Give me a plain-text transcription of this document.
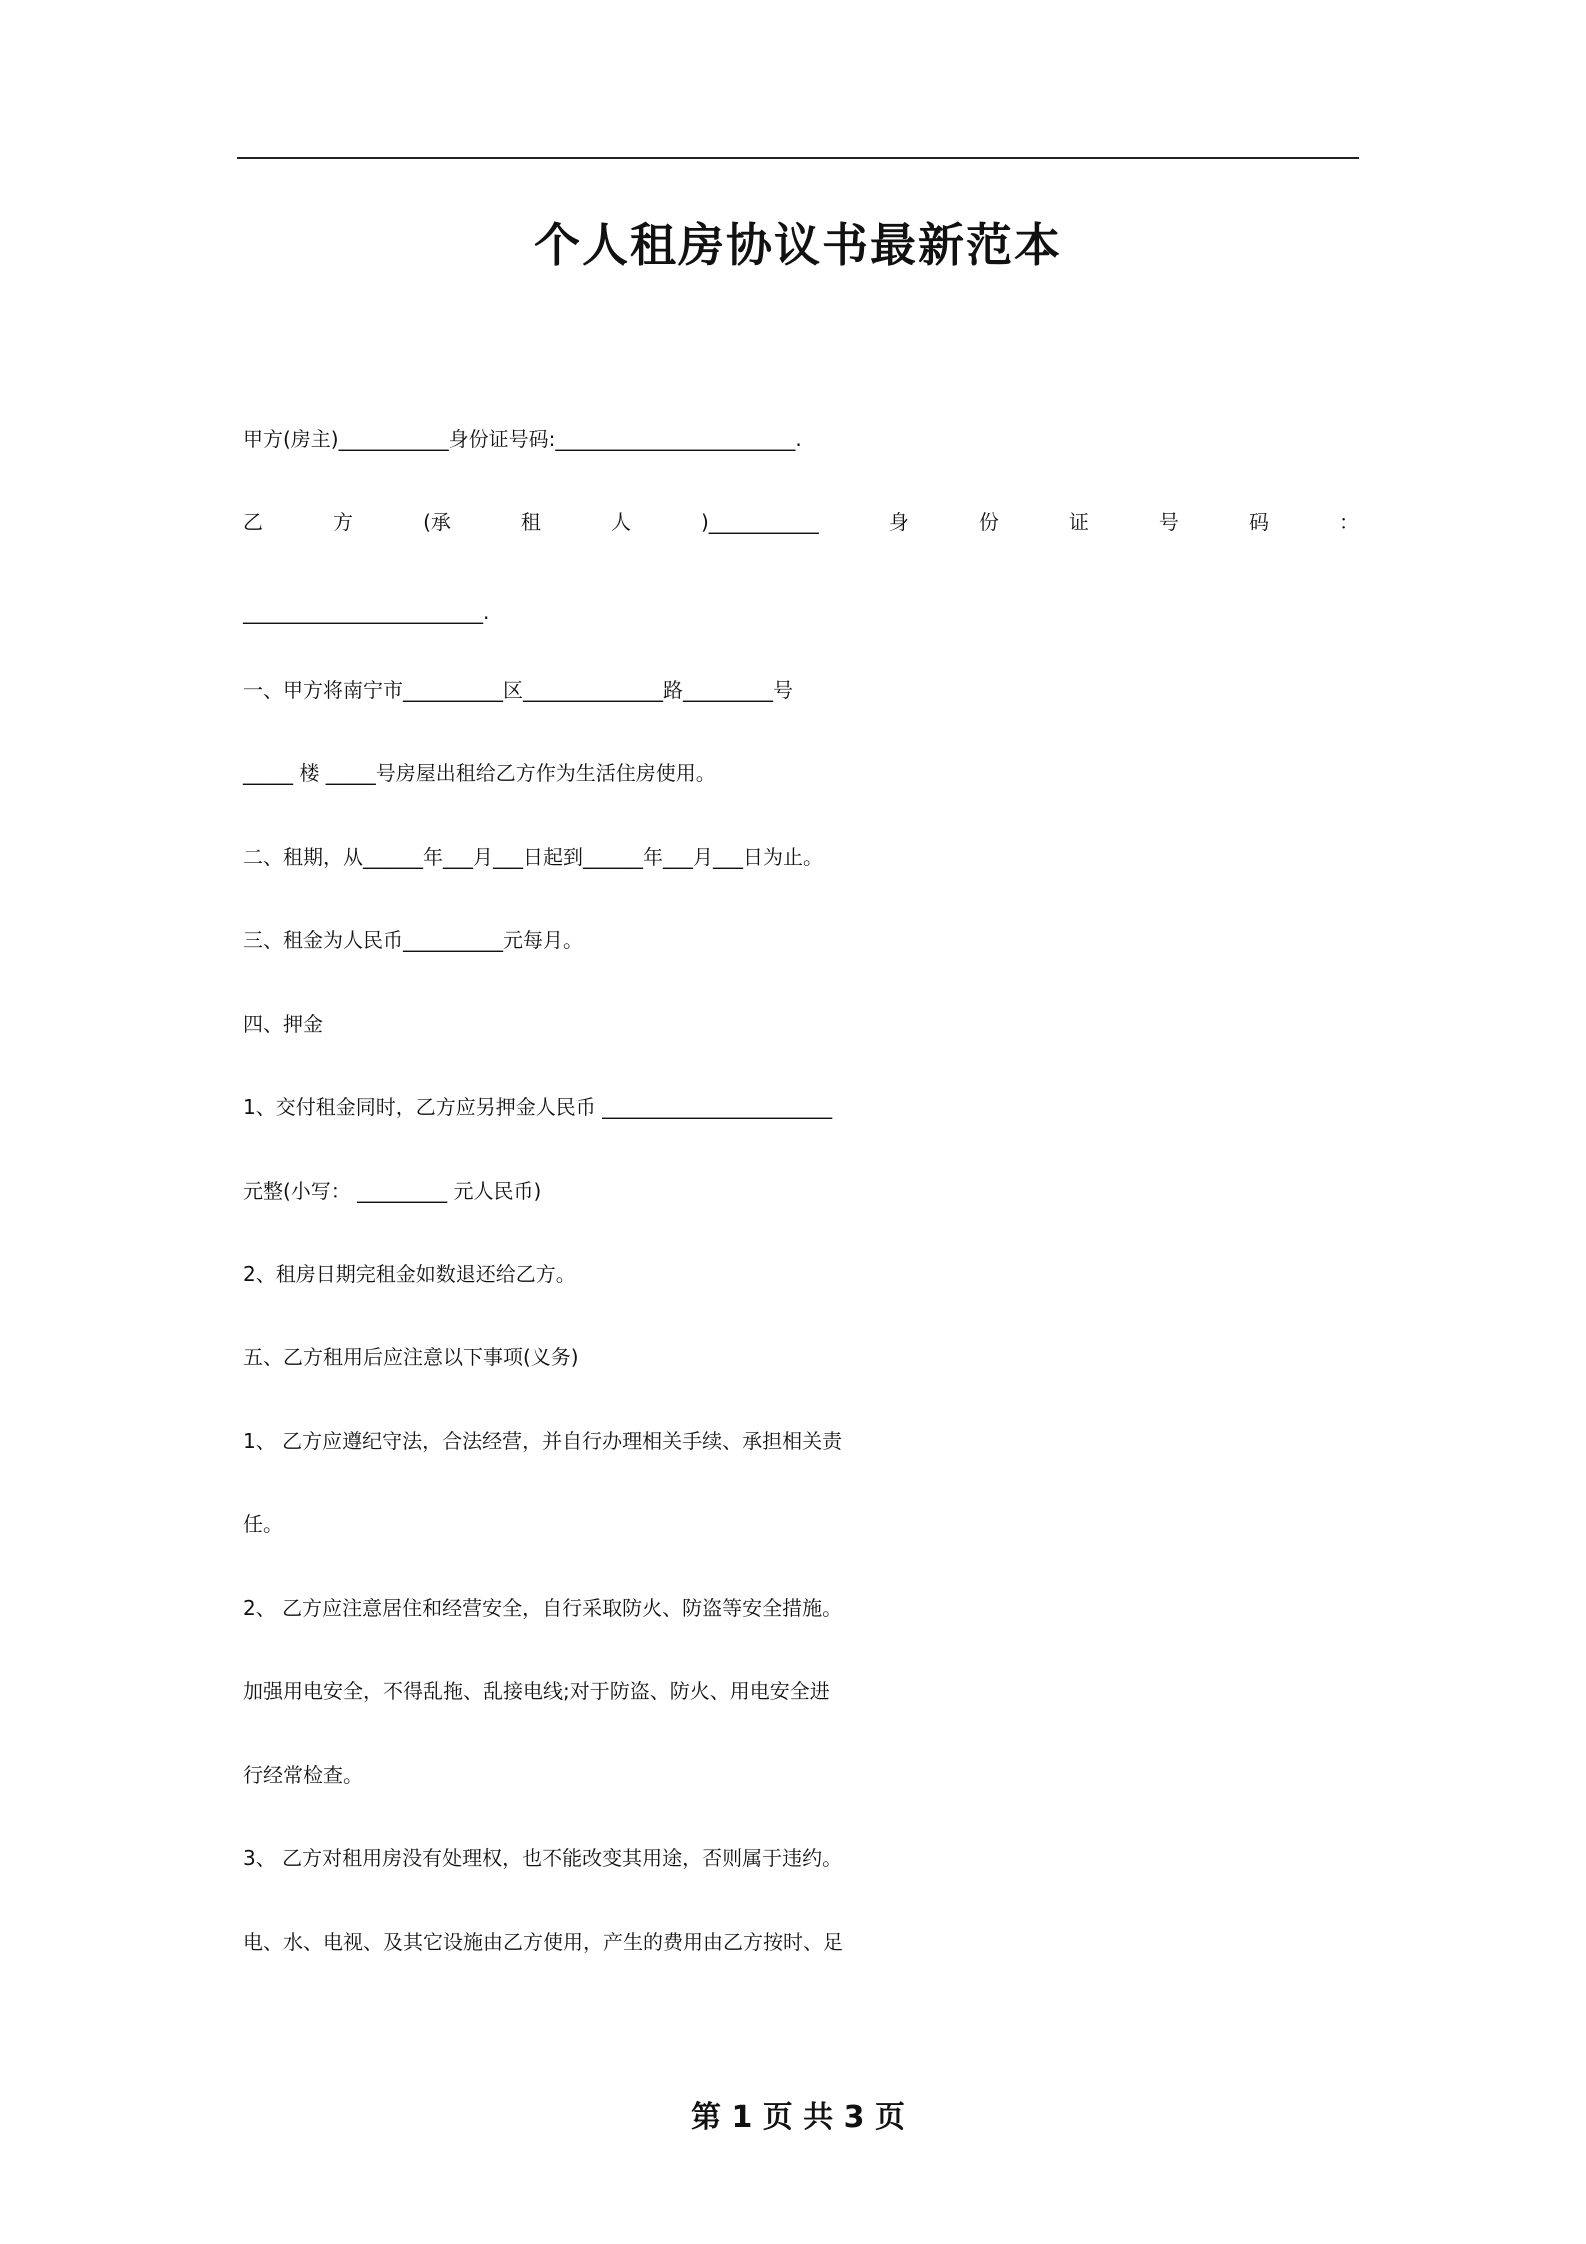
个人租房协议书最新范本
甲方(房主)___________身份证号码:________________________.
乙	方	(承	租	人	)___________	身	份	证	号	码	：
________________________.
一、甲方将南宁市__________区______________路_________号
_____ 楼 _____号房屋出租给乙方作为生活住房使用。
二、租期，从______年___月___日起到______年___月___日为止。
三、租金为人民币__________元每月。
四、押金
1、交付租金同时，乙方应另押金人民币 _______________________
元整(小写： _________ 元人民币)
2、租房日期完租金如数退还给乙方。
五、乙方租用后应注意以下事项(义务)
1、 乙方应遵纪守法，合法经营，并自行办理相关手续、承担相关责
任。
2、 乙方应注意居住和经营安全，自行采取防火、防盗等安全措施。
加强用电安全，不得乱拖、乱接电线;对于防盗、防火、用电安全进
行经常检查。
3、 乙方对租用房没有处理权，也不能改变其用途，否则属于违约。
电、水、电视、及其它设施由乙方使用，产生的费用由乙方按时、足
第 1 页 共 3 页
